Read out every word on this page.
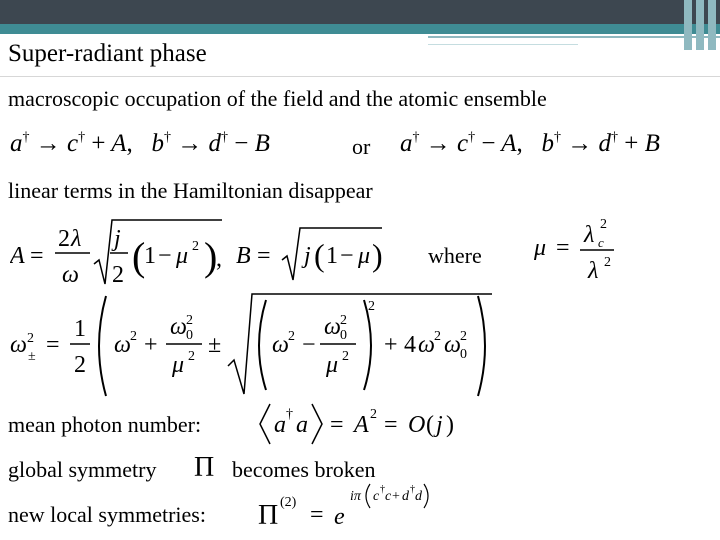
Super-radiant phase
macroscopic occupation of the field and the atomic ensemble
a† → c† + A,   b† → d† − B	or a† → c† − A,   b† → d† + B
linear terms in the Hamiltonian disappear
A =
2 λ
ω
j
2 (
1 − μ 2 )
, B = j ( 1 − μ ) where μ = λ 2
c
λ 2
ω 2
± =
1
2
ω 2 +
ω 2
0
μ 2 ± ω 2 −
ω 2
0
μ 2
2
+ 4 ω 2 ω 2
0
mean photon number:	a † a = A 2 = O ( j )
global symmetry Π becomes broken
new local symmetries: Π (2) = e
iπ c † c + d † d
